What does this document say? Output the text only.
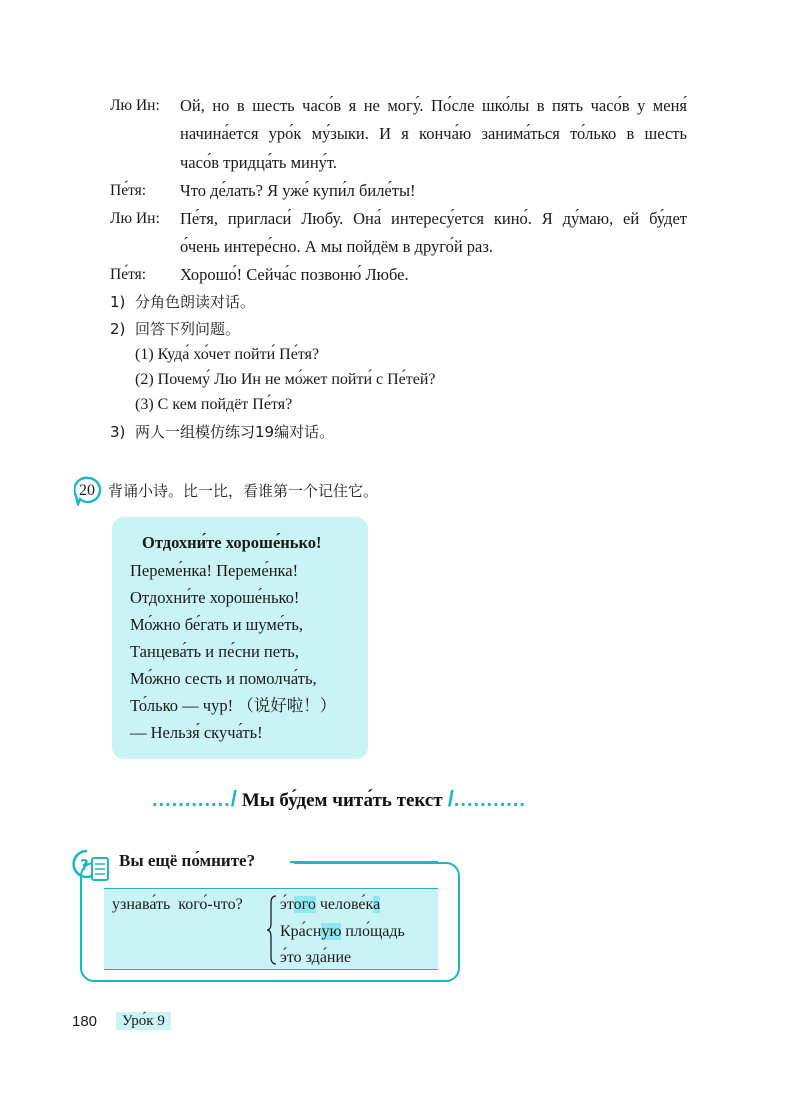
Лю Ин: Ой, но в шесть часо́в я не могу́. По́сле шко́лы в пять часо́в у меня́
начина́ется уро́к му́зыки. И я конча́ю занима́ться то́лько в шесть
часо́в тридца́ть мину́т.
Пе́тя: Что де́лать? Я уже́ купи́л биле́ты!
Лю Ин: Пе́тя, пригласи́ Любу. Она́ интересу́ется кино́. Я ду́маю, ей бу́дет
о́чень интере́сно. А мы пойдём в друго́й раз.
Пе́тя: Хорошо́! Сейча́с позвоню́ Любе.
1) 分角色朗读对话。
2) 回答下列问题。
(1) Куда́ хо́чет пойти́ Пе́тя?
(2) Почему́ Лю Ин не мо́жет пойти́ с Пе́тей?
(3) С кем пойдёт Пе́тя?
3) 两人一组模仿练习19编对话。
20 背诵小诗。比一比，看谁第一个记住它。
Отдохни́те хороше́нько!
Переме́нка! Переме́нка!
Отдохни́те хороше́нько!
Мо́жно бе́гать и шуме́ть,
Танцева́ть и пе́сни петь,
Мо́жно сесть и помолча́ть,
То́лько — чур! （说好啦！）
— Нельзя́ скуча́ть!
............/ Мы бу́дем чита́ть текст /...........
? Вы ещё по́мните?
узнава́ть  кого́-что? э́того челове́ка
Кра́сную пло́щадь
э́то зда́ние
180	Уро́к 9
